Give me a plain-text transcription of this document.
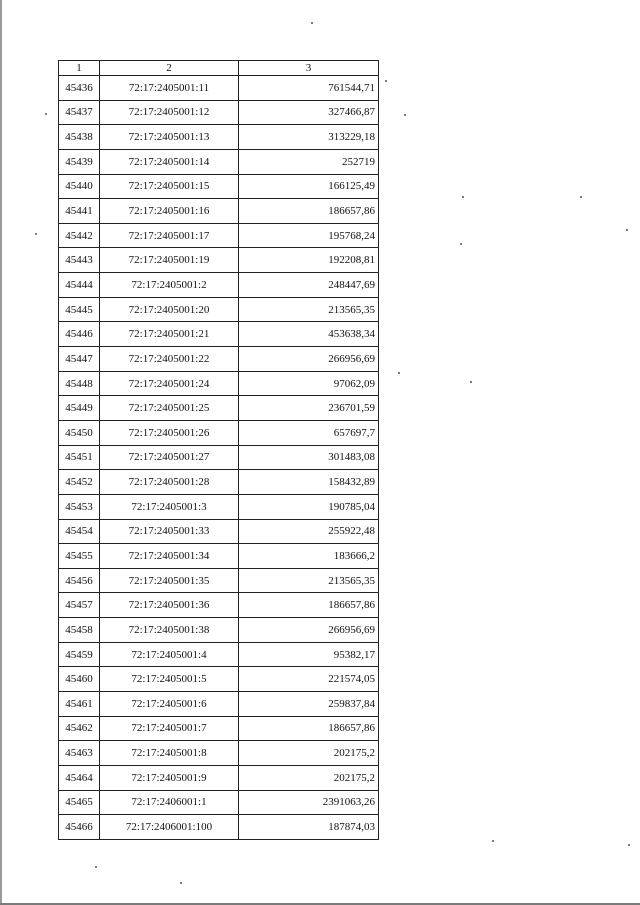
1	2	3
45436	72:17:2405001:11	761544,71
45437	72:17:2405001:12	327466,87
45438	72:17:2405001:13	313229,18
45439	72:17:2405001:14	252719
45440	72:17:2405001:15	166125,49
45441	72:17:2405001:16	186657,86
45442	72:17:2405001:17	195768,24
45443	72:17:2405001:19	192208,81
45444	72:17:2405001:2	248447,69
45445	72:17:2405001:20	213565,35
45446	72:17:2405001:21	453638,34
45447	72:17:2405001:22	266956,69
45448	72:17:2405001:24	97062,09
45449	72:17:2405001:25	236701,59
45450	72:17:2405001:26	657697,7
45451	72:17:2405001:27	301483,08
45452	72:17:2405001:28	158432,89
45453	72:17:2405001:3	190785,04
45454	72:17:2405001:33	255922,48
45455	72:17:2405001:34	183666,2
45456	72:17:2405001:35	213565,35
45457	72:17:2405001:36	186657,86
45458	72:17:2405001:38	266956,69
45459	72:17:2405001:4	95382,17
45460	72:17:2405001:5	221574,05
45461	72:17:2405001:6	259837,84
45462	72:17:2405001:7	186657,86
45463	72:17:2405001:8	202175,2
45464	72:17:2405001:9	202175,2
45465	72:17:2406001:1	2391063,26
45466	72:17:2406001:100	187874,03
